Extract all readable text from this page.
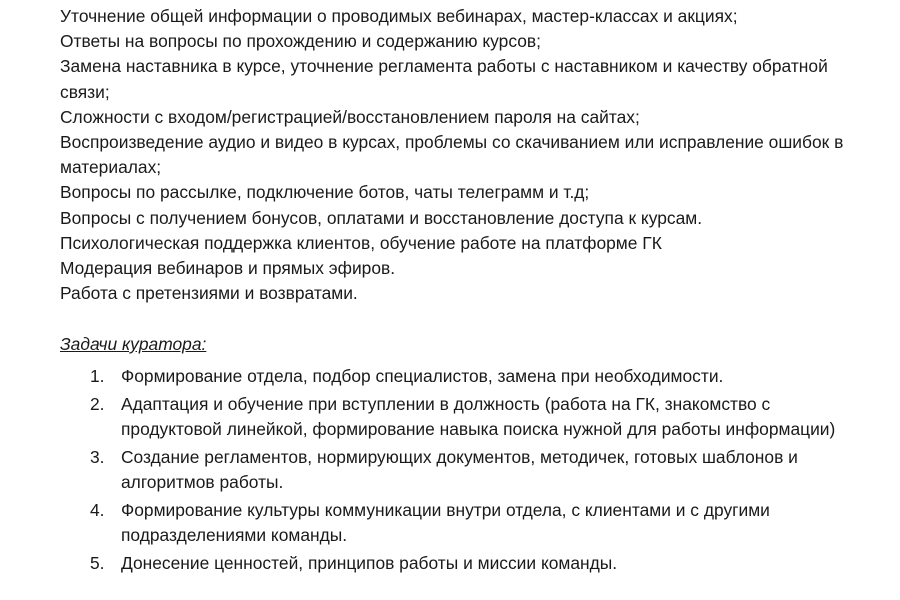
Уточнение общей информации о проводимых вебинарах, мастер-классах и акциях;
Ответы на вопросы по прохождению и содержанию курсов;
Замена наставника в курсе, уточнение регламента работы с наставником и качеству обратной связи;
Сложности с входом/регистрацией/восстановлением пароля на сайтах;
Воспроизведение аудио и видео в курсах, проблемы со скачиванием или исправление ошибок в материалах;
Вопросы по рассылке, подключение ботов, чаты телеграмм и т.д;
Вопросы с получением бонусов, оплатами и восстановление доступа к курсам.
Психологическая поддержка клиентов, обучение работе на платформе ГК
Модерация вебинаров и прямых эфиров.
Работа с претензиями и возвратами.
Задачи куратора:
1. Формирование отдела, подбор специалистов, замена при необходимости.
2. Адаптация и обучение при вступлении в должность (работа на ГК, знакомство с продуктовой линейкой, формирование навыка поиска нужной для работы информации)
3. Создание регламентов, нормирующих документов, методичек, готовых шаблонов и алгоритмов работы.
4. Формирование культуры коммуникации внутри отдела, с клиентами и с другими подразделениями команды.
5. Донесение ценностей, принципов работы и миссии команды.
